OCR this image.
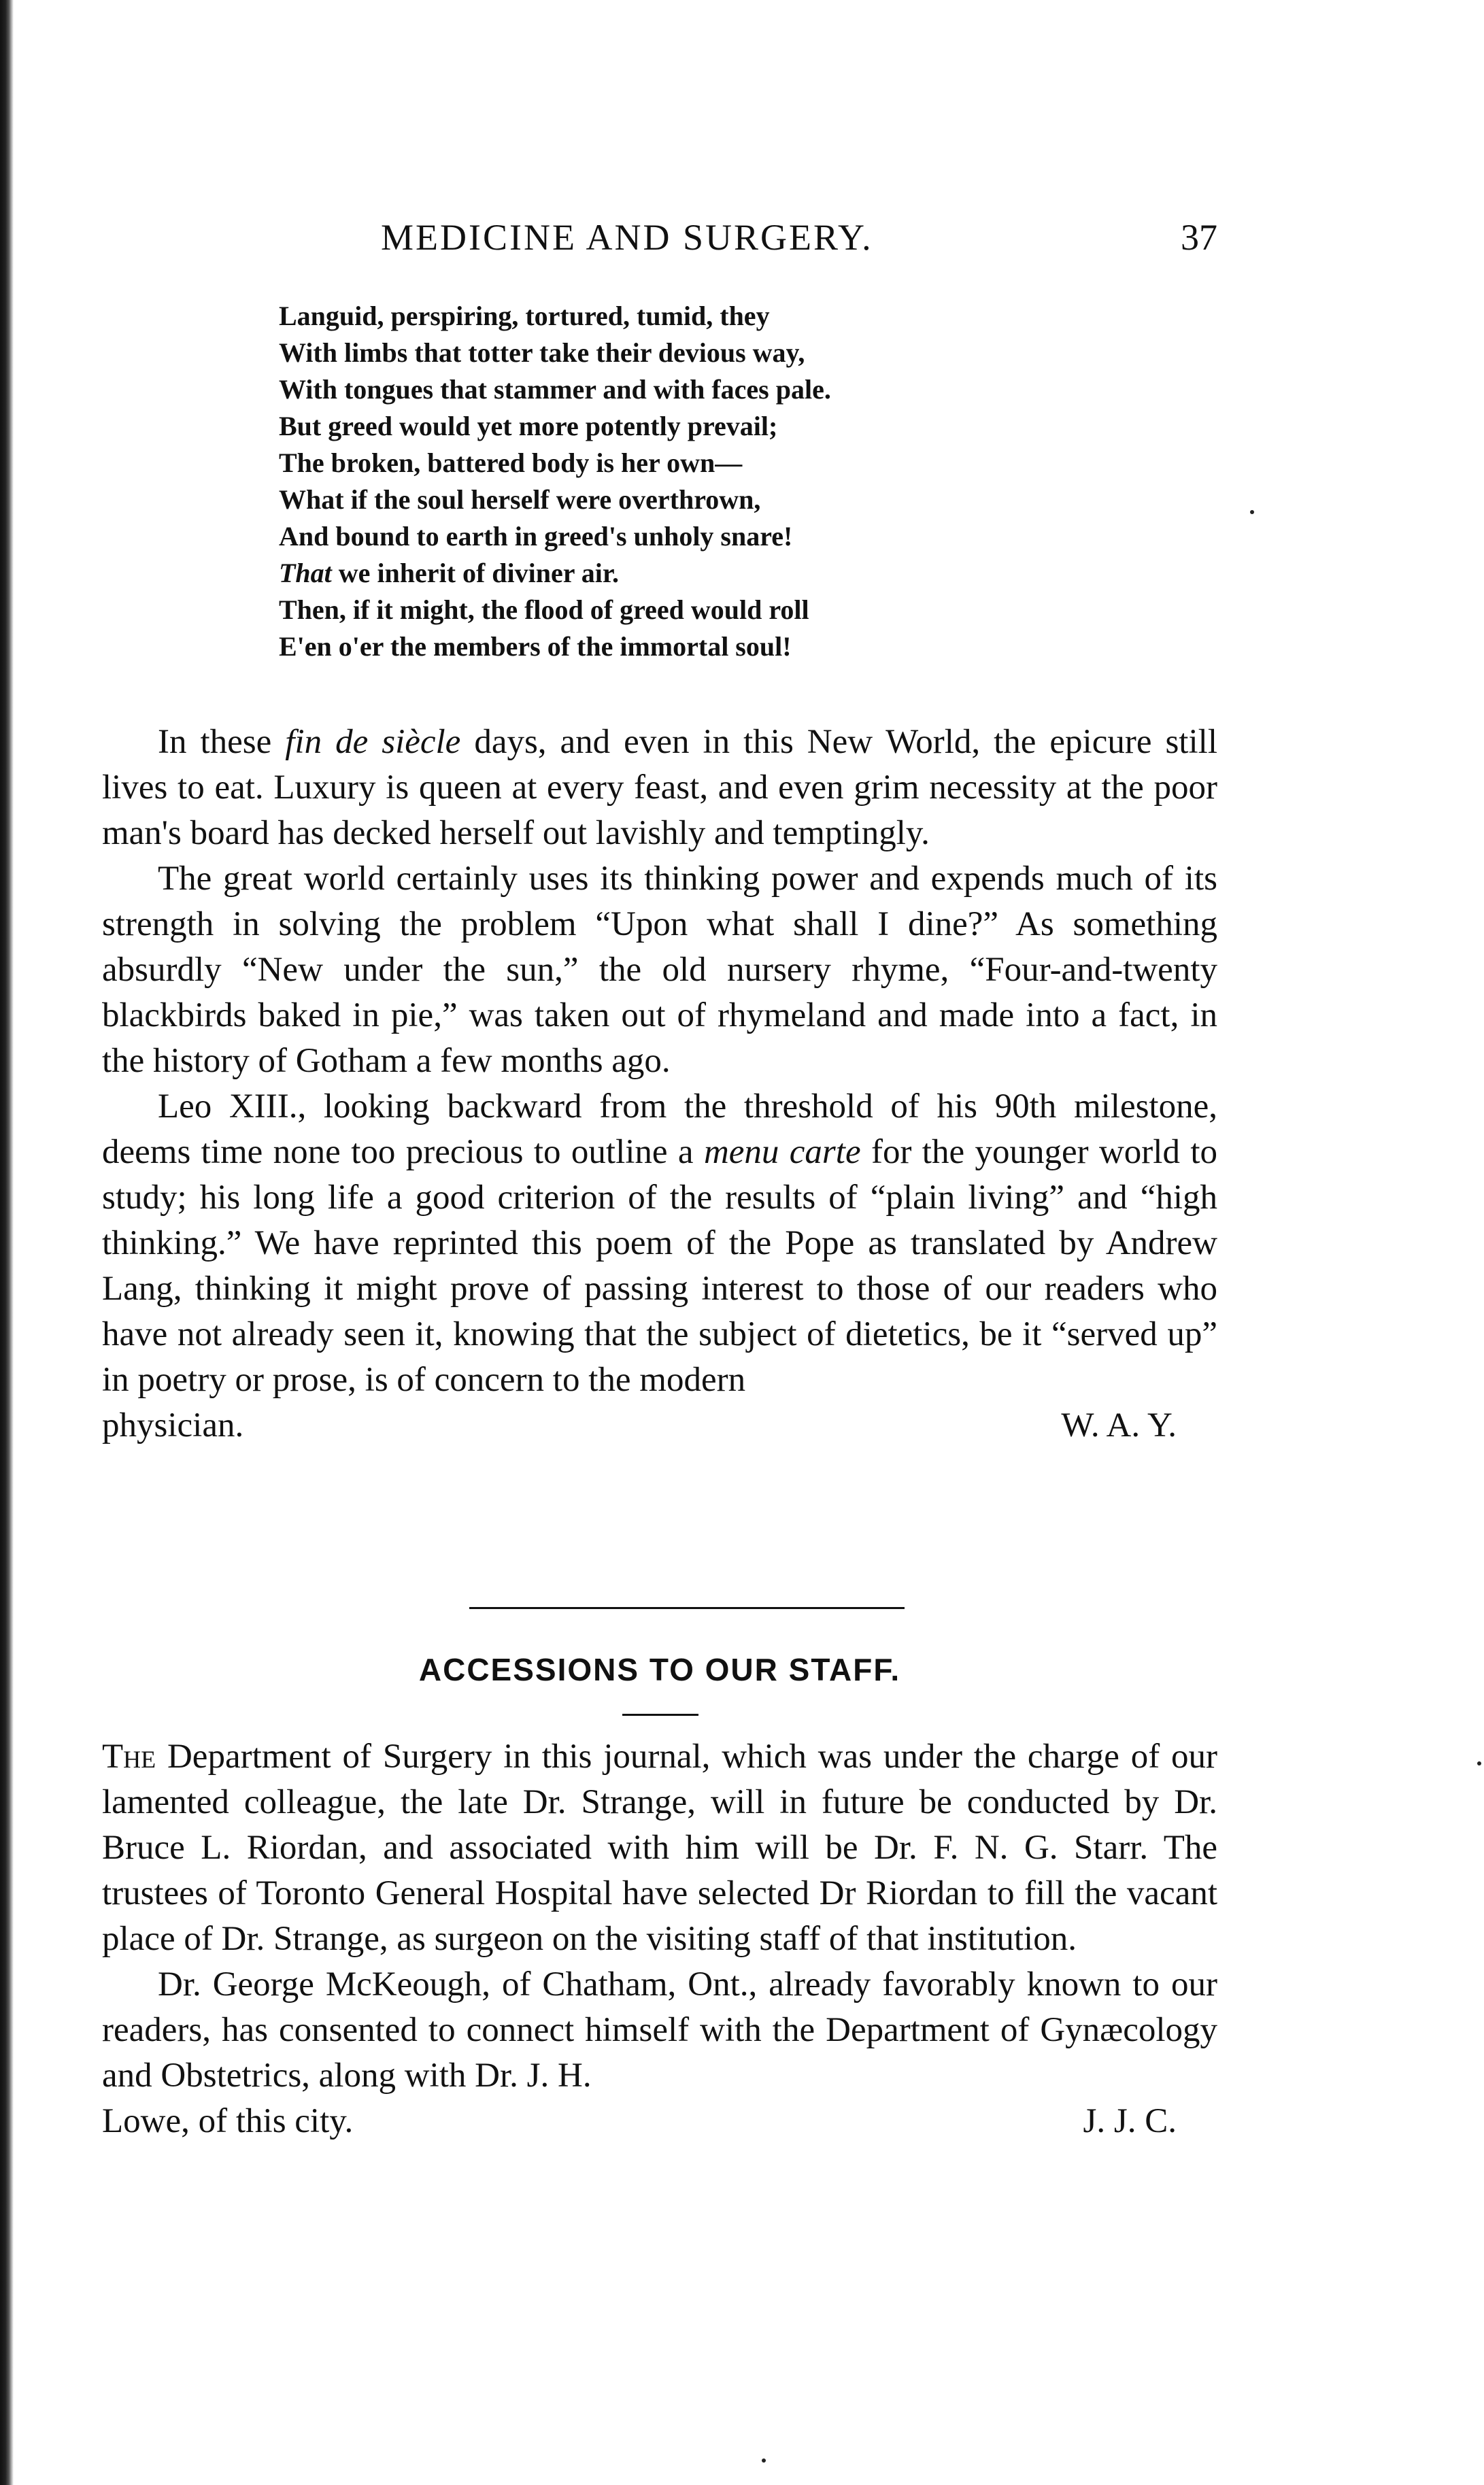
MEDICINE AND SURGERY.	37
Languid, perspiring, tortured, tumid, they
With limbs that totter take their devious way,
With tongues that stammer and with faces pale.
But greed would yet more potently prevail;
The broken, battered body is her own—
What if the soul herself were overthrown,
And bound to earth in greed's unholy snare!
That we inherit of diviner air.
Then, if it might, the flood of greed would roll
E'en o'er the members of the immortal soul!

In these fin de siècle days, and even in this New World, the epicure still lives to eat. Luxury is queen at every feast, and even grim necessity at the poor man's board has decked herself out lavishly and temptingly.

The great world certainly uses its thinking power and expends much of its strength in solving the problem “Upon what shall I dine?” As something absurdly “New under the sun,” the old nursery rhyme, “Four-and-twenty blackbirds baked in pie,” was taken out of rhymeland and made into a fact, in the history of Gotham a few months ago.

Leo XIII., looking backward from the threshold of his 90th milestone, deems time none too precious to outline a menu carte for the younger world to study; his long life a good criterion of the results of “plain living” and “high thinking.” We have reprinted this poem of the Pope as translated by Andrew Lang, thinking it might prove of passing interest to those of our readers who have not already seen it, knowing that the subject of dietetics, be it “served up” in poetry or prose, is of concern to the modern

physician.	W. A. Y.
ACCESSIONS TO OUR STAFF.

The Department of Surgery in this journal, which was under the charge of our lamented colleague, the late Dr. Strange, will in future be conducted by Dr. Bruce L. Riordan, and associated with him will be Dr. F. N. G. Starr. The trustees of Toronto General Hospital have selected Dr Riordan to fill the vacant place of Dr. Strange, as surgeon on the visiting staff of that institution.

Dr. George McKeough, of Chatham, Ont., already favorably known to our readers, has consented to connect himself with the Department of Gynæcology and Obstetrics, along with Dr. J. H.

Lowe, of this city.	J. J. C.
